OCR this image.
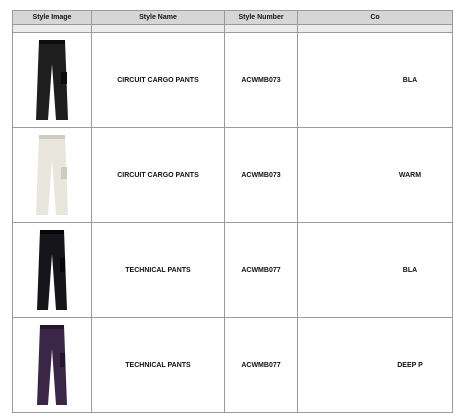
Style Image	Style Name	Style Number	Co

	CIRCUIT CARGO PANTS	ACWMB073	BLA

	CIRCUIT CARGO PANTS	ACWMB073	WARM

	TECHNICAL PANTS	ACWMB077	BLA

	TECHNICAL PANTS	ACWMB077	DEEP P
